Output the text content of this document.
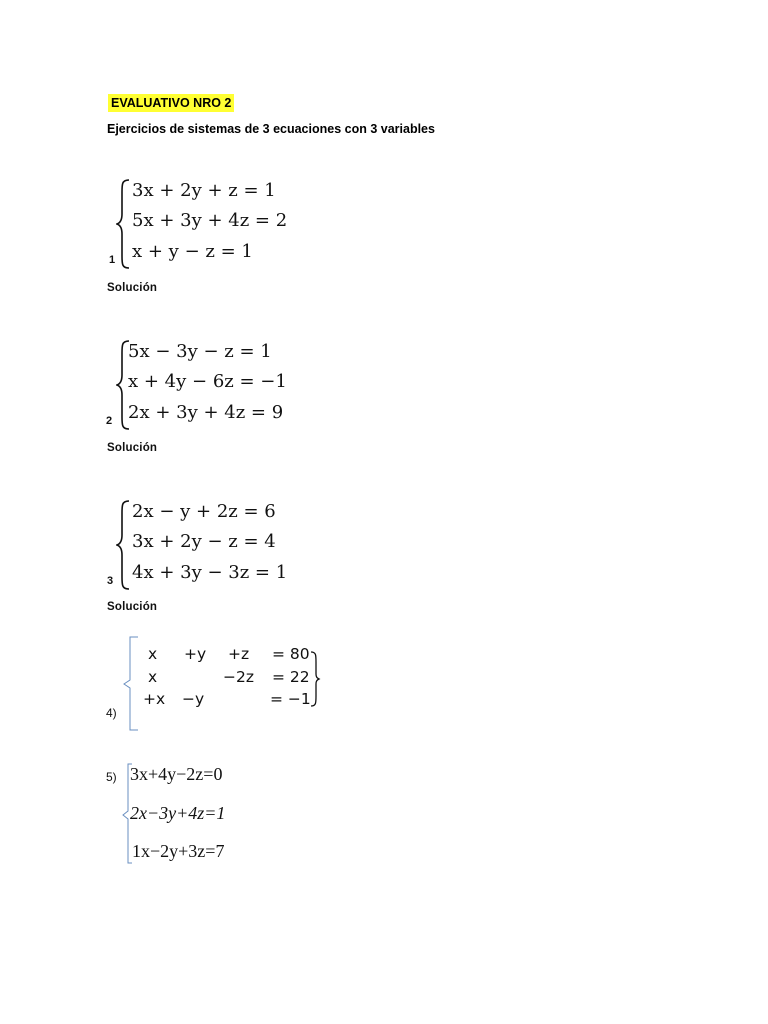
EVALUATIVO NRO 2
Ejercicios de sistemas de 3 ecuaciones con 3 variables
3x + 2y + z = 1
5x + 3y + 4z = 2
x + y − z = 1
1
Solución
5x − 3y − z = 1
x + 4y − 6z = −1
2x + 3y + 4z = 9
2
Solución
2x − y + 2z = 6
3x + 2y − z = 4
4x + 3y − 3z = 1
3
Solución
4)
x +y +z = 80
x	−2z = 22
+x −y	= −1
5) 3x+4y−2z=0
2x−3y+4z=1
1x−2y+3z=7
